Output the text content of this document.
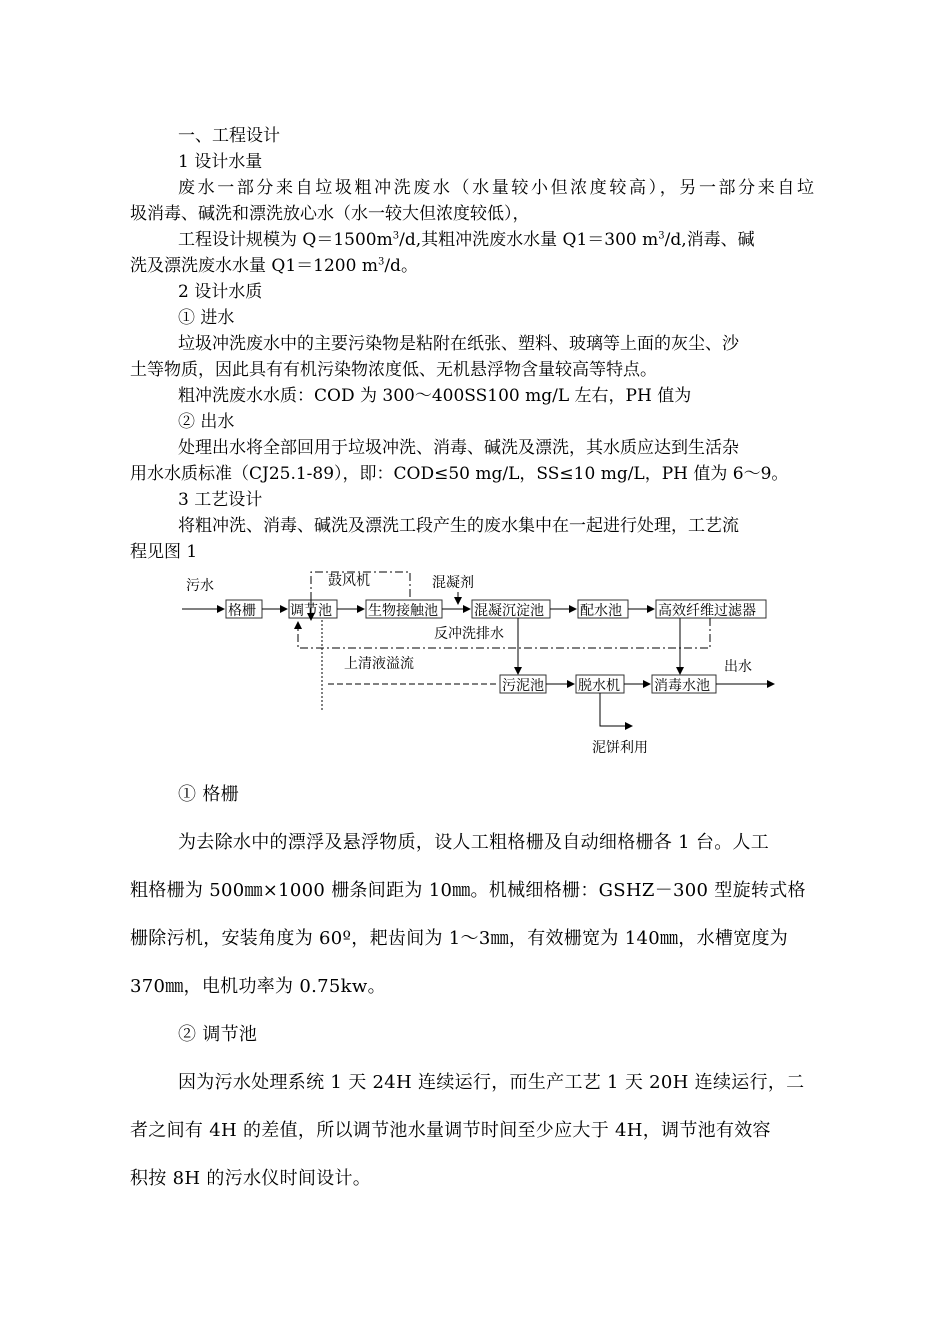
一、工程设计
1 设计水量
废水一部分来自垃圾粗冲洗废水（水量较小但浓度较高），另一部分来自垃
圾消毒、碱洗和漂洗放心水（水一较大但浓度较低），
工程设计规模为 $Q=1500m^3/d$,其粗冲洗废水水量 Q1＝300 $m^3/d$,消毒、碱
洗及漂洗废水水量 Q1＝1200 $m^3/d$。
2 设计水质
① 进水
垃圾冲洗废水中的主要污染物是粘附在纸张、塑料、玻璃等上面的灰尘、沙
土等物质，因此具有有机污染物浓度低、无机悬浮物含量较高等特点。
粗冲洗废水水质：COD 为 300～400SS100 mg/L 左右，PH 值为
② 出水
处理出水将全部回用于垃圾冲洗、消毒、碱洗及漂洗，其水质应达到生活杂
用水水质标准（CJ25.1-89），即：COD≤50 mg/L，SS≤10 mg/L，PH 值为 6～9。
3 工艺设计
将粗冲洗、消毒、碱洗及漂洗工段产生的废水集中在一起进行处理，工艺流
程见图 1
污水
格栅 调节池	生物接触池	混凝沉淀池	配水池	高效纤维过滤器
鼓风机	混凝剂
反冲洗排水
上清液溢流
污泥池 脱水机 消毒水池
出水
泥饼利用
① 格栅
为去除水中的漂浮及悬浮物质，设人工粗格栅及自动细格栅各 1 台。人工
粗格栅为 500㎜×1000 栅条间距为 10㎜。机械细格栅：GSHZ－300 型旋转式格
栅除污机，安装角度为 60º，耙齿间为 1～3㎜，有效栅宽为 140㎜，水槽宽度为
370㎜，电机功率为 0.75kw。
② 调节池
因为污水处理系统 1 天 24H 连续运行，而生产工艺 1 天 20H 连续运行，二
者之间有 4H 的差值，所以调节池水量调节时间至少应大于 4H，调节池有效容
积按 8H 的污水仪时间设计。
